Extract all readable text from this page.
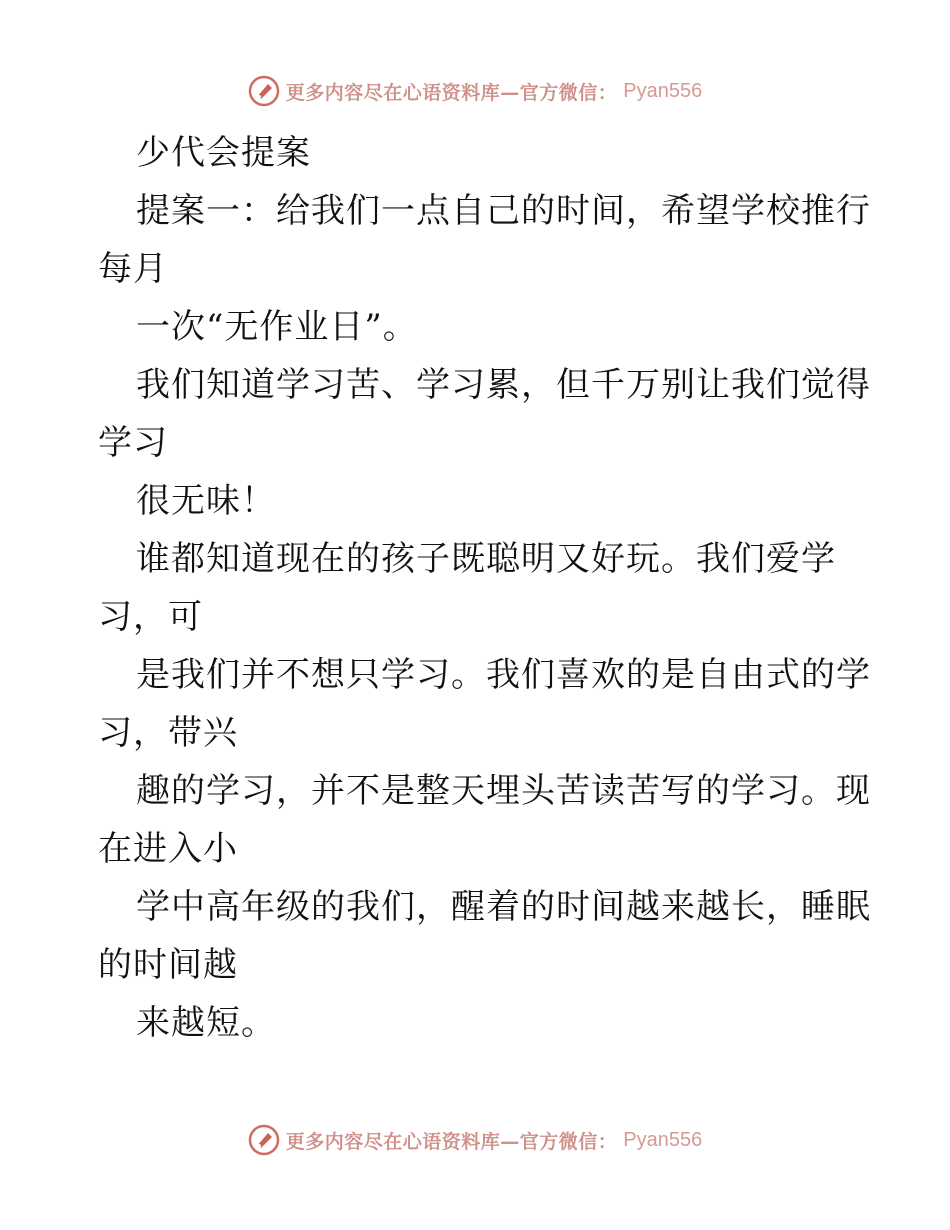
更多内容尽在心语资料库—官方微信： Pyan556
少代会提案
提案一：给我们一点自己的时间，希望学校推行
每月
一次“无作业日”。
我们知道学习苦、学习累，但千万别让我们觉得
学习
很无味！
谁都知道现在的孩子既聪明又好玩。我们爱学
习，可
是我们并不想只学习。我们喜欢的是自由式的学
习，带兴
趣的学习，并不是整天埋头苦读苦写的学习。现
在进入小
学中高年级的我们，醒着的时间越来越长，睡眠
的时间越
来越短。
更多内容尽在心语资料库—官方微信： Pyan556
